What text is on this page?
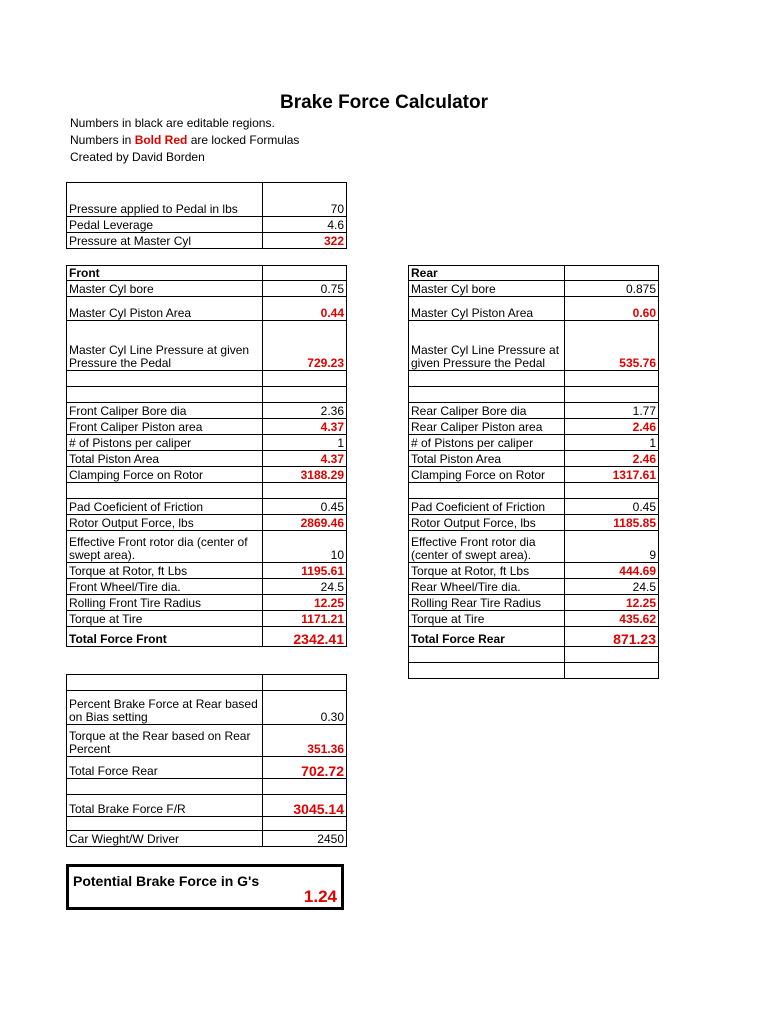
Brake Force Calculator
Numbers in black are editable regions.
Numbers in Bold Red are locked Formulas
Created by David Borden
Pressure applied to Pedal in lbs	70
Pedal Leverage	4.6
Pressure at Master Cyl	322
Front	
Master Cyl bore	0.75
Master Cyl Piston Area	0.44
Master Cyl Line Pressure at given Pressure the Pedal	729.23

Front Caliper Bore dia	2.36
Front Caliper Piston area	4.37
# of Pistons per caliper	1
Total Piston Area	4.37
Clamping Force on Rotor	3188.29

Pad Coeficient of Friction	0.45
Rotor Output Force, lbs	2869.46
Effective Front rotor dia (center of swept area).	10
Torque at Rotor, ft Lbs	1195.61
Front Wheel/Tire dia.	24.5
Rolling Front Tire Radius	12.25
Torque at Tire	1171.21
Total Force Front	2342.41
Rear	
Master Cyl bore	0.875
Master Cyl Piston Area	0.60
Master Cyl Line Pressure at given Pressure the Pedal	535.76

Rear Caliper Bore dia	1.77
Rear Caliper Piston area	2.46
# of Pistons per caliper	1
Total Piston Area	2.46
Clamping Force on Rotor	1317.61

Pad Coeficient of Friction	0.45
Rotor Output Force, lbs	1185.85
Effective Front rotor dia (center of swept area).	9
Torque at Rotor, ft Lbs	444.69
Rear Wheel/Tire dia.	24.5
Rolling Rear Tire Radius	12.25
Torque at Tire	435.62
Total Force Rear	871.23

Percent Brake Force at Rear based on Bias setting	0.30
Torque at the Rear based on Rear Percent	351.36
Total Force Rear	702.72

Total Brake Force F/R	3045.14

Car Wieght/W Driver	2450
Potential Brake Force in G's
1.24
